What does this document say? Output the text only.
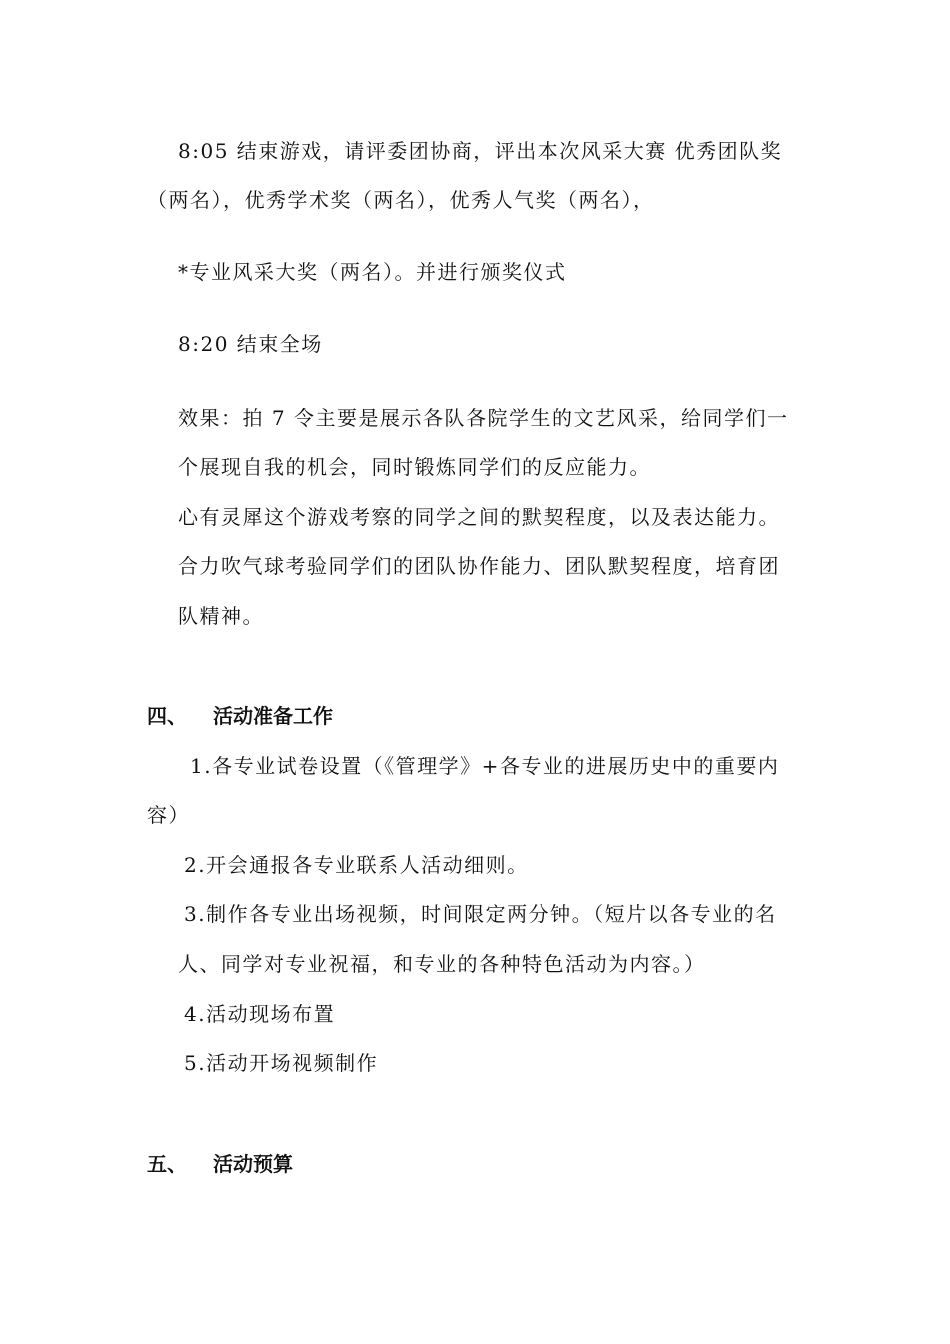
8:05 结束游戏，请评委团协商，评出本次风采大赛 优秀团队奖
（两名），优秀学术奖（两名），优秀人气奖（两名），
*专业风采大奖（两名）。并进行颁奖仪式
8:20 结束全场
效果：拍 7 令主要是展示各队各院学生的文艺风采，给同学们一
个展现自我的机会，同时锻炼同学们的反应能力。
心有灵犀这个游戏考察的同学之间的默契程度，以及表达能力。
合力吹气球考验同学们的团队协作能力、团队默契程度，培育团
队精神。
四、 活动准备工作
1.各专业试卷设置（《管理学》+各专业的进展历史中的重要内
容）
2.开会通报各专业联系人活动细则。
3.制作各专业出场视频，时间限定两分钟。（短片以各专业的名
人、同学对专业祝福，和专业的各种特色活动为内容。）
4.活动现场布置
5.活动开场视频制作
五、 活动预算
